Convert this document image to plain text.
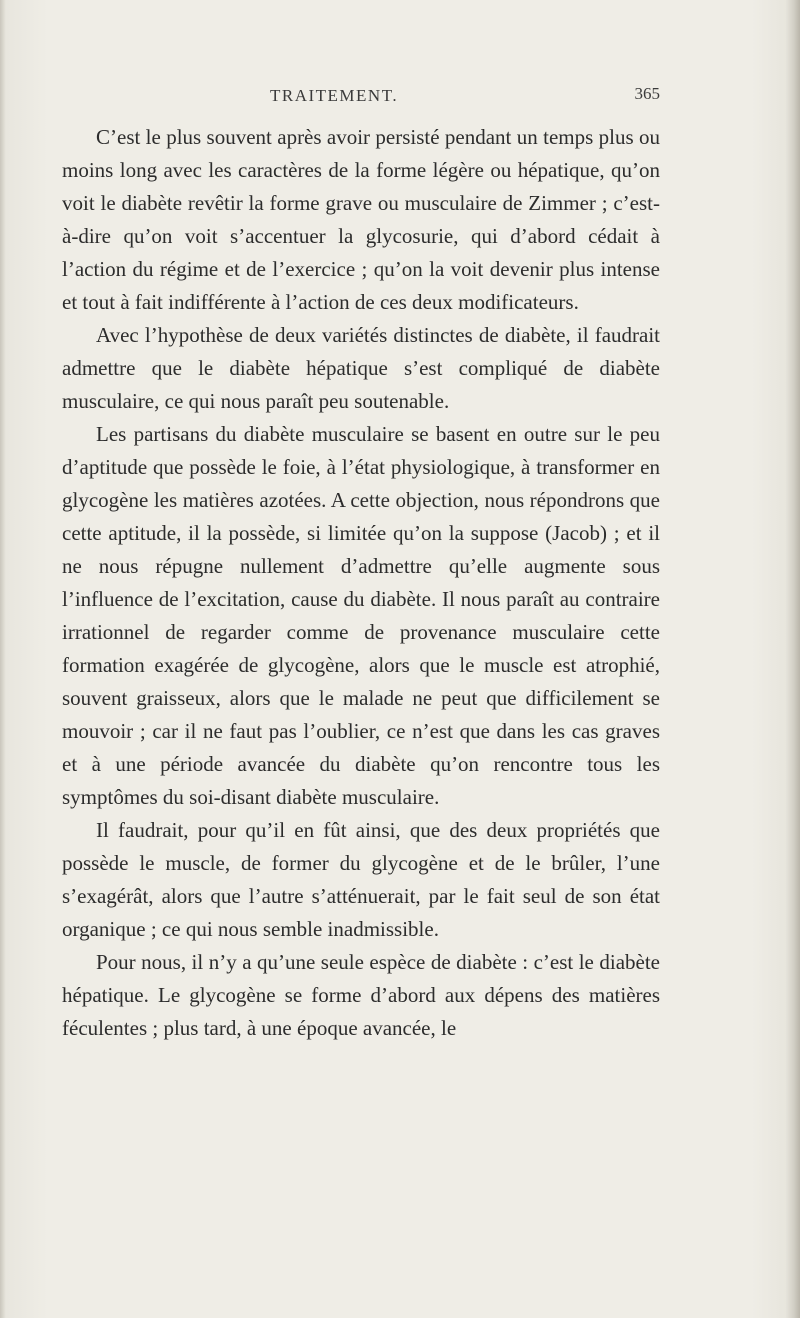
TRAITEMENT.	365

C’est le plus souvent après avoir persisté pendant un temps plus ou moins long avec les caractères de la forme légère ou hépatique, qu’on voit le diabète revêtir la forme grave ou musculaire de Zimmer ; c’est-à-dire qu’on voit s’accentuer la glycosurie, qui d’abord cédait à l’action du régime et de l’exercice ; qu’on la voit devenir plus intense et tout à fait indifférente à l’action de ces deux modificateurs.

Avec l’hypothèse de deux variétés distinctes de diabète, il faudrait admettre que le diabète hépatique s’est compliqué de diabète musculaire, ce qui nous paraît peu soutenable.

Les partisans du diabète musculaire se basent en outre sur le peu d’aptitude que possède le foie, à l’état physiologique, à transformer en glycogène les matières azotées. A cette objection, nous répondrons que cette aptitude, il la possède, si limitée qu’on la suppose (Jacob) ; et il ne nous répugne nullement d’admettre qu’elle augmente sous l’influence de l’excitation, cause du diabète. Il nous paraît au contraire irrationnel de regarder comme de provenance musculaire cette formation exagérée de glycogène, alors que le muscle est atrophié, souvent graisseux, alors que le malade ne peut que difficilement se mouvoir ; car il ne faut pas l’oublier, ce n’est que dans les cas graves et à une période avancée du diabète qu’on rencontre tous les symptômes du soi-disant diabète musculaire.

Il faudrait, pour qu’il en fût ainsi, que des deux propriétés que possède le muscle, de former du glycogène et de le brûler, l’une s’exagérât, alors que l’autre s’atténuerait, par le fait seul de son état organique ; ce qui nous semble inadmissible.

Pour nous, il n’y a qu’une seule espèce de diabète : c’est le diabète hépatique. Le glycogène se forme d’abord aux dépens des matières féculentes ; plus tard, à une époque avancée, le
